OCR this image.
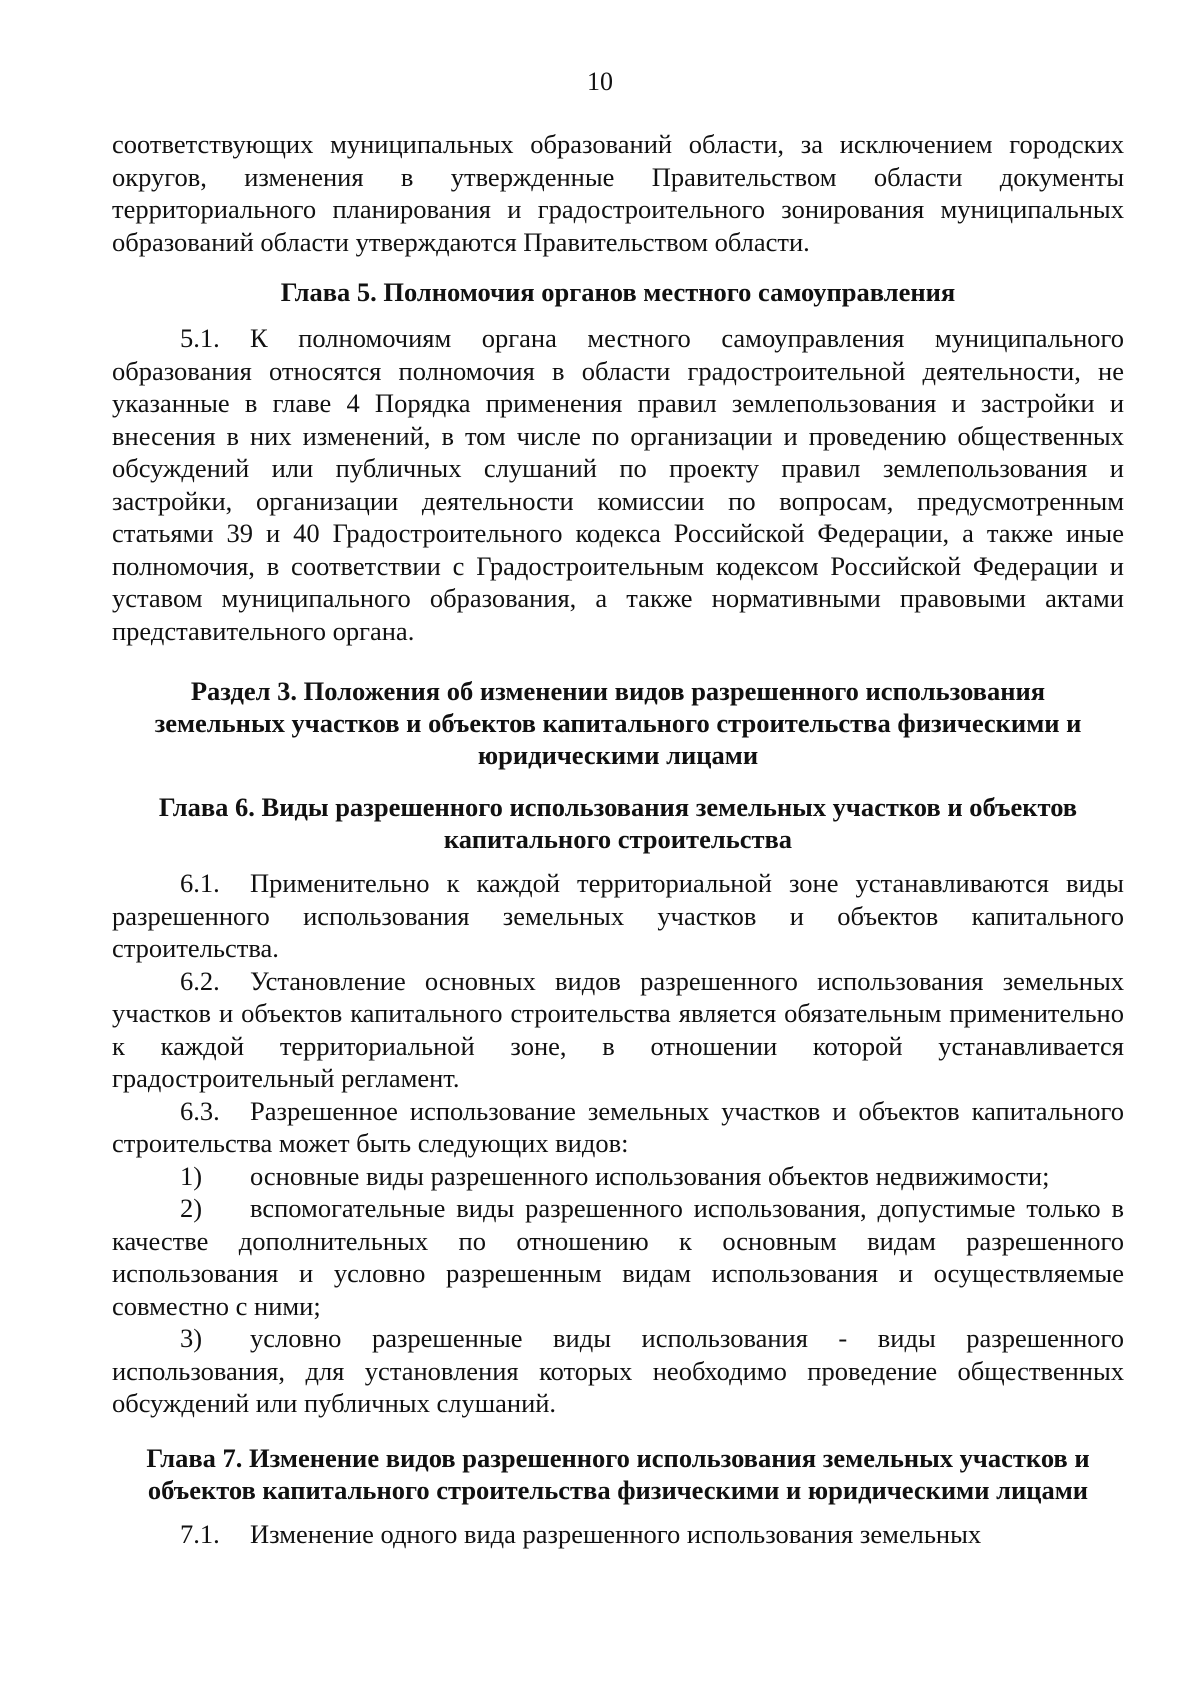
10

соответствующих муниципальных образований области, за исключением городских округов, изменения в утвержденные Правительством области документы территориального планирования и градостроительного зонирования муниципальных образований области утверждаются Правительством области.

Глава 5. Полномочия органов местного самоуправления

5.1. К полномочиям органа местного самоуправления муниципального образования относятся полномочия в области градостроительной деятельности, не указанные в главе 4 Порядка применения правил землепользования и застройки и внесения в них изменений, в том числе по организации и проведению общественных обсуждений или публичных слушаний по проекту правил землепользования и застройки, организации деятельности комиссии по вопросам, предусмотренным статьями 39 и 40 Градостроительного кодекса Российской Федерации, а также иные полномочия, в соответствии с Градостроительным кодексом Российской Федерации и уставом муниципального образования, а также нормативными правовыми актами представительного органа.

Раздел 3. Положения об изменении видов разрешенного использования
земельных участков и объектов капитального строительства физическими и
юридическими лицами
Глава 6. Виды разрешенного использования земельных участков и объектов
капитального строительства

6.1. Применительно к каждой территориальной зоне устанавливаются виды разрешенного использования земельных участков и объектов капитального строительства.

6.2. Установление основных видов разрешенного использования земельных участков и объектов капитального строительства является обязательным применительно к каждой территориальной зоне, в отношении которой устанавливается градостроительный регламент.

6.3. Разрешенное использование земельных участков и объектов капитального строительства может быть следующих видов:

1) основные виды разрешенного использования объектов недвижимости;

2) вспомогательные виды разрешенного использования, допустимые только в качестве дополнительных по отношению к основным видам разрешенного использования и условно разрешенным видам использования и осуществляемые совместно с ними;

3) условно разрешенные виды использования - виды разрешенного использования, для установления которых необходимо проведение общественных обсуждений или публичных слушаний.

Глава 7. Изменение видов разрешенного использования земельных участков и
объектов капитального строительства физическими и юридическими лицами

7.1. Изменение одного вида разрешенного использования земельных
